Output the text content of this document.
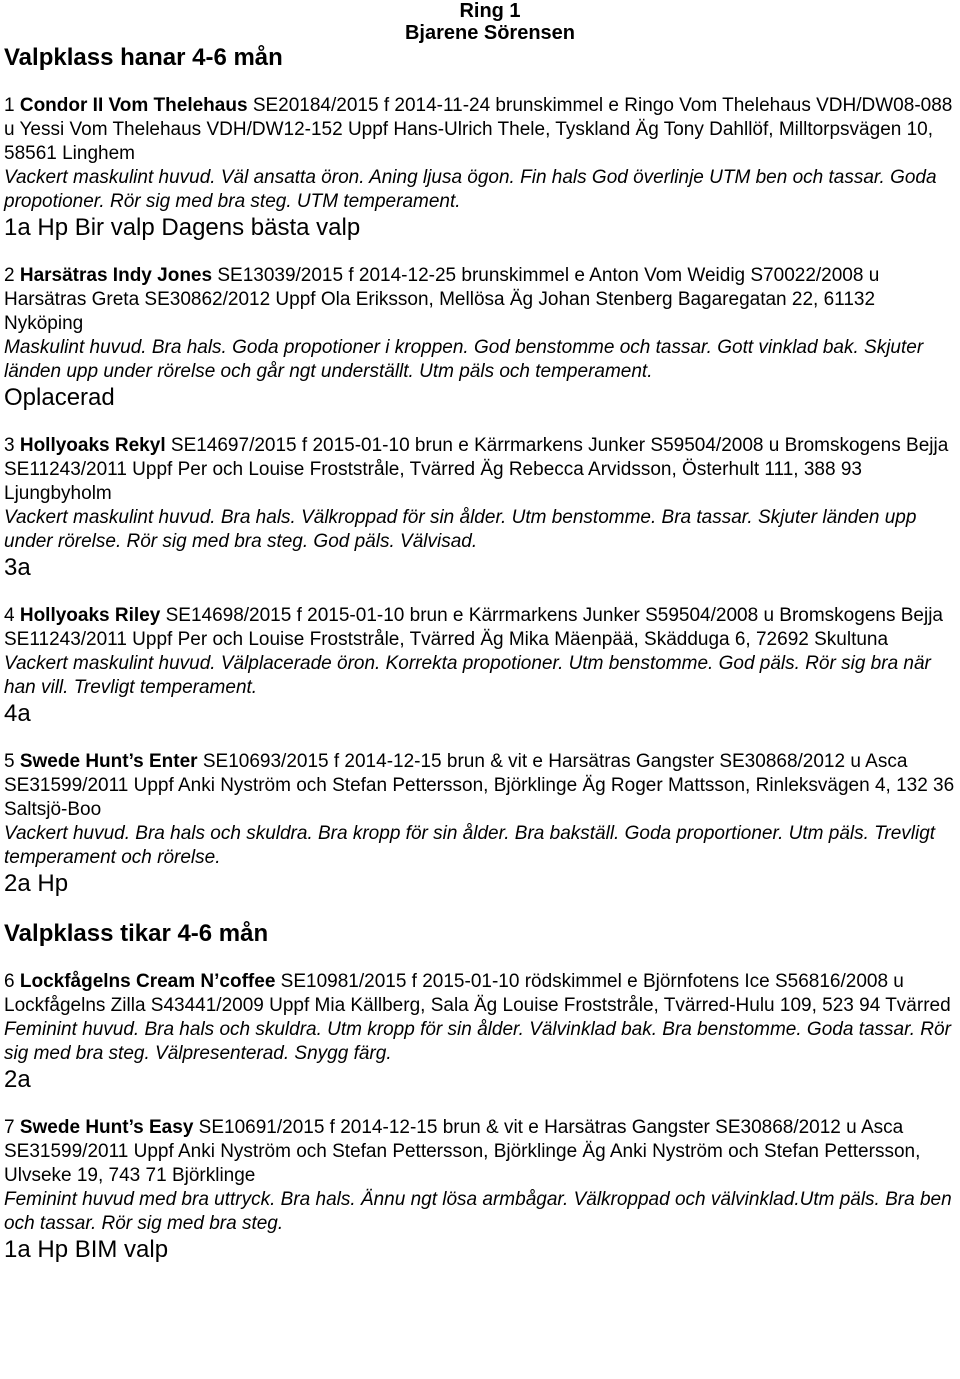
Ring 1
Bjarene Sörensen
Valpklass hanar 4-6 mån
1 Condor II Vom Thelehaus SE20184/2015 f 2014-11-24 brunskimmel e Ringo Vom Thelehaus VDH/DW08-088 u Yessi Vom Thelehaus VDH/DW12-152 Uppf Hans-Ulrich Thele, Tyskland Äg Tony Dahllöf, Milltorpsvägen 10, 58561 Linghem
Vackert maskulint huvud. Väl ansatta öron. Aning ljusa ögon. Fin hals God överlinje UTM ben och tassar. Goda propotioner. Rör sig med bra steg. UTM temperament.
1a Hp Bir valp Dagens bästa valp
2 Harsätras Indy Jones SE13039/2015 f 2014-12-25 brunskimmel e Anton Vom Weidig S70022/2008 u Harsätras Greta SE30862/2012 Uppf Ola Eriksson, Mellösa Äg Johan Stenberg Bagaregatan 22, 61132 Nyköping
Maskulint huvud. Bra hals. Goda propotioner i kroppen. God benstomme och tassar. Gott vinklad bak. Skjuter länden upp under rörelse och går ngt underställt. Utm päls och temperament.
Oplacerad
3 Hollyoaks Rekyl SE14697/2015 f 2015-01-10 brun e Kärrmarkens Junker S59504/2008 u Bromskogens Bejja SE11243/2011 Uppf Per och Louise Froststråle, Tvärred Äg Rebecca Arvidsson, Österhult 111, 388 93 Ljungbyholm
Vackert maskulint huvud. Bra hals. Välkroppad för sin ålder. Utm benstomme. Bra tassar. Skjuter länden upp under rörelse. Rör sig med bra steg. God päls. Välvisad.
3a
4 Hollyoaks Riley SE14698/2015 f 2015-01-10 brun e Kärrmarkens Junker S59504/2008 u Bromskogens Bejja SE11243/2011 Uppf Per och Louise Froststråle, Tvärred Äg Mika Mäenpää, Skädduga 6, 72692 Skultuna
Vackert maskulint huvud. Välplacerade öron. Korrekta propotioner. Utm benstomme. God päls. Rör sig bra när han vill. Trevligt temperament.
4a
5 Swede Hunt’s Enter SE10693/2015 f 2014-12-15 brun & vit e Harsätras Gangster SE30868/2012 u Asca SE31599/2011 Uppf Anki Nyström och Stefan Pettersson, Björklinge Äg Roger Mattsson, Rinleksvägen 4, 132 36 Saltsjö-Boo
Vackert huvud. Bra hals och skuldra. Bra kropp för sin ålder. Bra bakställ. Goda proportioner. Utm päls. Trevligt temperament och rörelse.
2a Hp
Valpklass tikar 4-6 mån
6 Lockfågelns Cream N’coffee SE10981/2015 f 2015-01-10 rödskimmel e Björnfotens Ice S56816/2008 u Lockfågelns Zilla S43441/2009 Uppf Mia Källberg, Sala Äg Louise Froststråle, Tvärred-Hulu 109, 523 94 Tvärred
Feminint huvud. Bra hals och skuldra. Utm kropp för sin ålder. Välvinklad bak. Bra benstomme. Goda tassar. Rör sig med bra steg. Välpresenterad. Snygg färg.
2a
7 Swede Hunt’s Easy SE10691/2015 f 2014-12-15 brun & vit e Harsätras Gangster SE30868/2012 u Asca SE31599/2011 Uppf Anki Nyström och Stefan Pettersson, Björklinge Äg Anki Nyström och Stefan Pettersson, Ulvseke 19, 743 71 Björklinge
Feminint huvud med bra uttryck. Bra hals. Ännu ngt lösa armbågar. Välkroppad och välvinklad.Utm päls. Bra ben och tassar. Rör sig med bra steg.
1a Hp BIM valp
